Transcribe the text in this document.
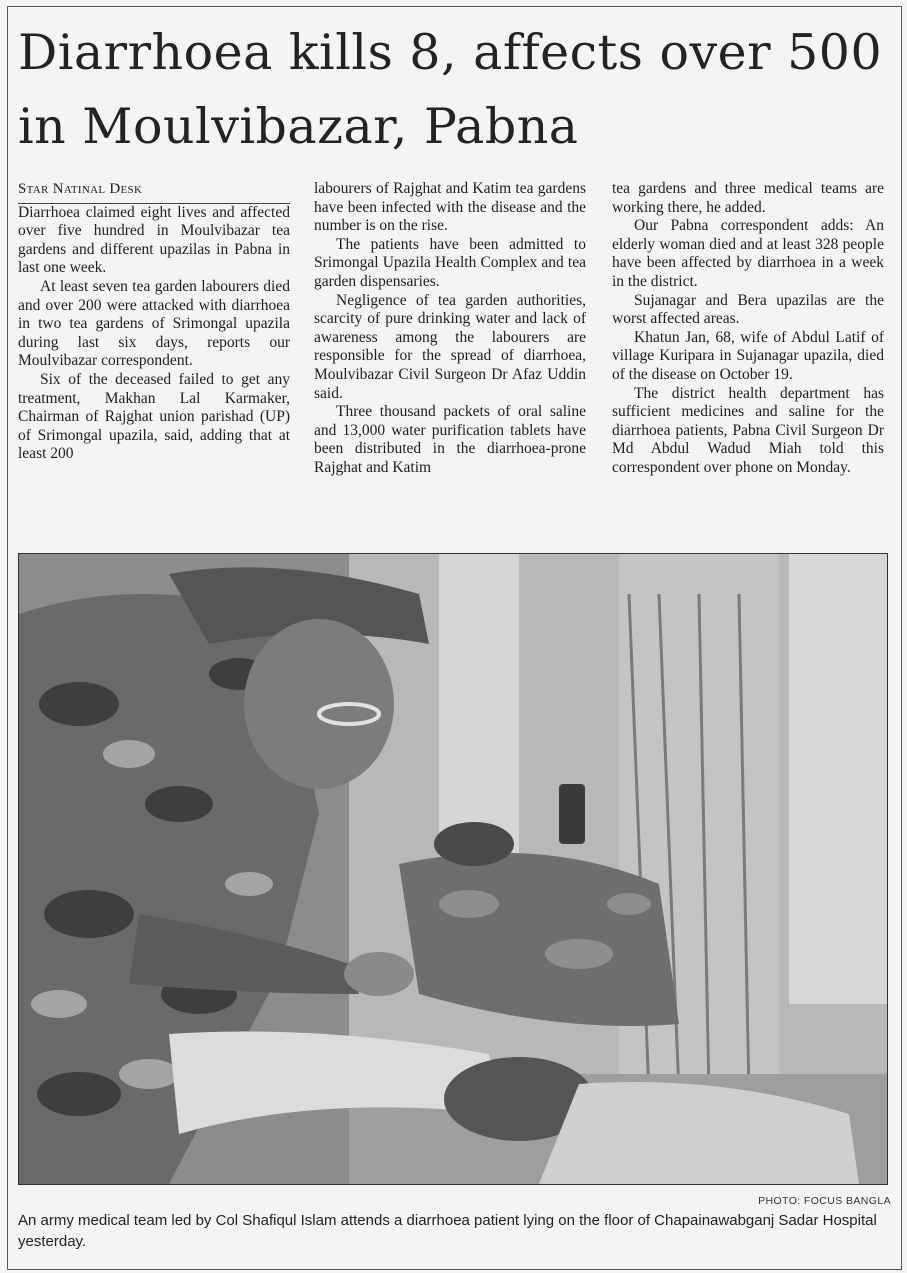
Diarrhoea kills 8, affects over 500 in Moulvibazar, Pabna

Star Natinal Desk

Diarrhoea claimed eight lives and affected over five hundred in Moulvibazar tea gardens and different upazilas in Pabna in last one week.

At least seven tea garden labourers died and over 200 were attacked with diarrhoea in two tea gardens of Srimongal upazila during last six days, reports our Moulvibazar correspondent.

Six of the deceased failed to get any treatment, Makhan Lal Karmaker, Chairman of Rajghat union parishad (UP) of Srimongal upazila, said, adding that at least 200

labourers of Rajghat and Katim tea gardens have been infected with the disease and the number is on the rise.

The patients have been admitted to Srimongal Upazila Health Complex and tea garden dispensaries.

Negligence of tea garden authorities, scarcity of pure drinking water and lack of awareness among the labourers are responsible for the spread of diarrhoea, Moulvibazar Civil Surgeon Dr Afaz Uddin said.

Three thousand packets of oral saline and 13,000 water purification tablets have been distributed in the diarrhoea-prone Rajghat and Katim

tea gardens and three medical teams are working there, he added.

Our Pabna correspondent adds: An elderly woman died and at least 328 people have been affected by diarrhoea in a week in the district.

Sujanagar and Bera upazilas are the worst affected areas.

Khatun Jan, 68, wife of Abdul Latif of village Kuripara in Sujanagar upazila, died of the disease on October 19.

The district health department has sufficient medicines and saline for the diarrhoea patients, Pabna Civil Surgeon Dr Md Abdul Wadud Miah told this correspondent over phone on Monday.

PHOTO: FOCUS BANGLA
An army medical team led by Col Shafiqul Islam attends a diarrhoea patient lying on the floor of Chapainawabganj Sadar Hospital yesterday.
